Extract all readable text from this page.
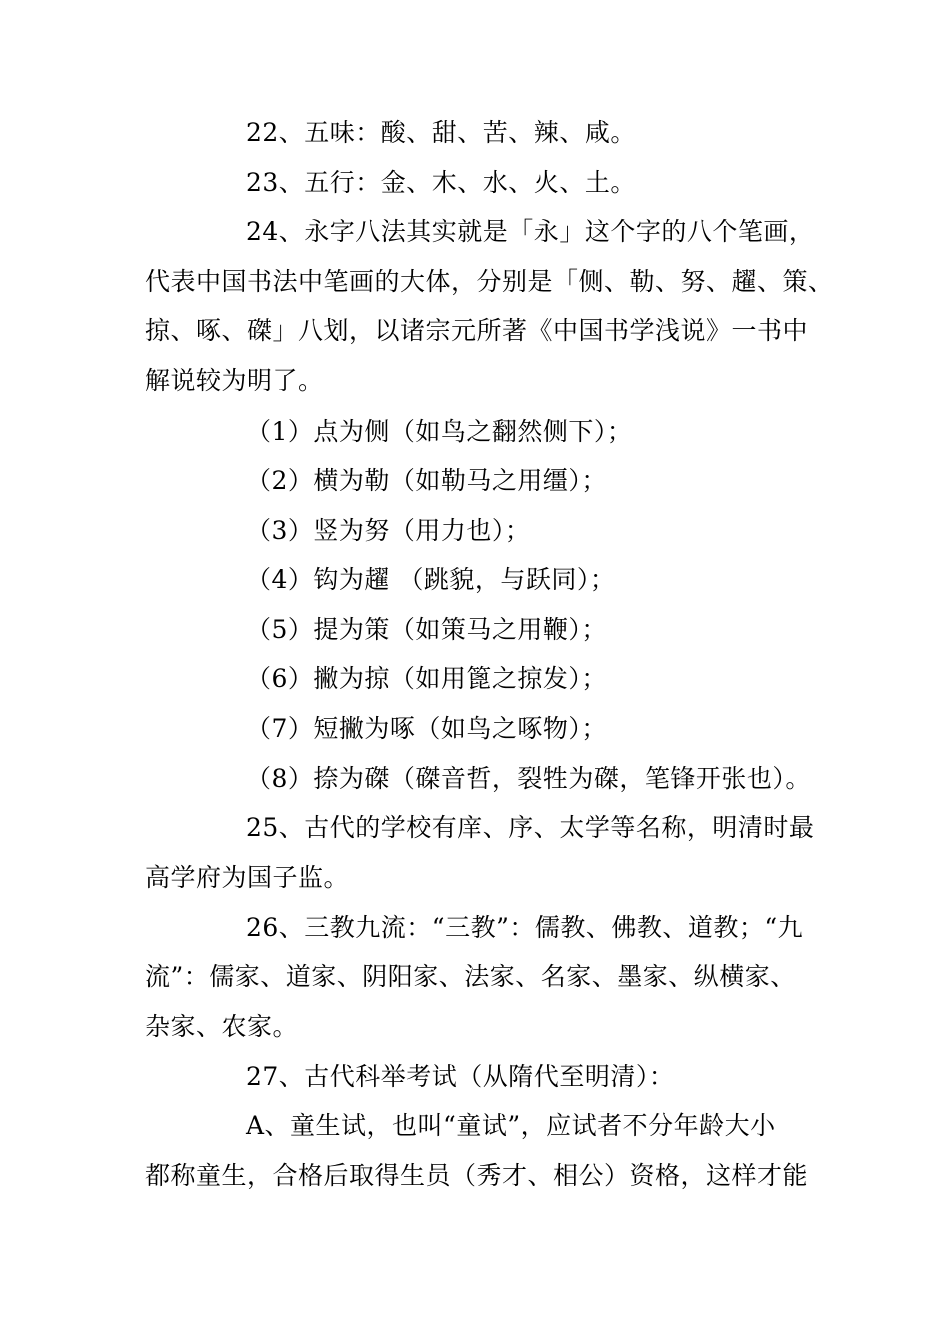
22、五味：酸、甜、苦、辣、咸。
23、五行：金、木、水、火、土。
24、永字八法其实就是「永」这个字的八个笔画，
代表中国书法中笔画的大体，分别是「侧、勒、努、趯、策、
掠、啄、磔」八划，以诸宗元所著《中国书学浅说》一书中
解说较为明了。
（1）点为侧（如鸟之翻然侧下）；
（2）横为勒（如勒马之用缰）；
（3）竖为努（用力也）；
（4）钩为趯 （跳貌，与跃同）；
（5）提为策（如策马之用鞭）；
（6）撇为掠（如用篦之掠发）；
（7）短撇为啄（如鸟之啄物）；
（8）捺为磔（磔音哲，裂牲为磔，笔锋开张也）。
25、古代的学校有庠、序、太学等名称，明清时最
高学府为国子监。
26、三教九流：“三教”：儒教、佛教、道教；“九
流”：儒家、道家、阴阳家、法家、名家、墨家、纵横家、
杂家、农家。
27、古代科举考试（从隋代至明清）：
A、童生试，也叫“童试”，应试者不分年龄大小
都称童生，合格后取得生员（秀才、相公）资格，这样才能
